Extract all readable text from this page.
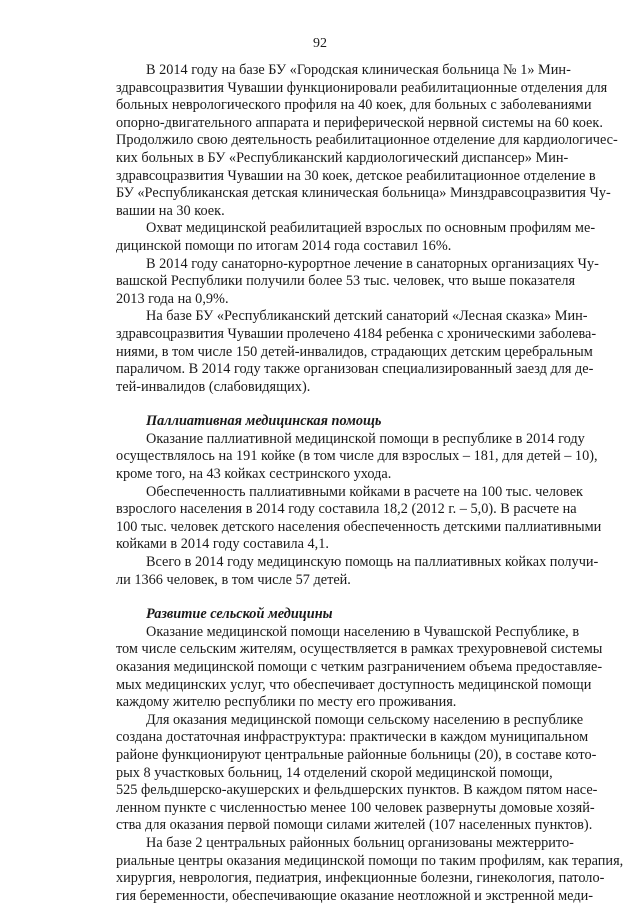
92
В 2014 году на базе БУ «Городская клиническая больница № 1» Мин-
здравсоцразвития Чувашии функционировали реабилитационные отделения для
больных неврологического профиля на 40 коек, для больных с заболеваниями
опорно-двигательного аппарата и периферической нервной системы на 60 коек.
Продолжило свою деятельность реабилитационное отделение для кардиологичес-
ких больных в БУ «Республиканский кардиологический диспансер» Мин-
здравсоцразвития Чувашии на 30 коек, детское реабилитационное отделение в
БУ «Республиканская детская клиническая больница» Минздравсоцразвития Чу-
вашии на 30 коек.
Охват медицинской реабилитацией взрослых по основным профилям ме-
дицинской помощи по итогам 2014 года составил 16%.
В 2014 году санаторно-курортное лечение в санаторных организациях Чу-
вашской Республики получили более 53 тыс. человек, что выше показателя
2013 года на 0,9%.
На базе БУ «Республиканский детский санаторий «Лесная сказка» Мин-
здравсоцразвития Чувашии пролечено 4184 ребенка с хроническими заболева-
ниями, в том числе 150 детей-инвалидов, страдающих детским церебральным
параличом. В 2014 году также организован специализированный заезд для де-
тей-инвалидов (слабовидящих).
Паллиативная медицинская помощь
Оказание паллиативной медицинской помощи в республике в 2014 году
осуществлялось на 191 койке (в том числе для взрослых – 181, для детей – 10),
кроме того, на 43 койках сестринского ухода.
Обеспеченность паллиативными койками в расчете на 100 тыс. человек
взрослого населения в 2014 году составила 18,2 (2012 г. – 5,0). В расчете на
100 тыс. человек детского населения обеспеченность детскими паллиативными
койками в 2014 году составила 4,1.
Всего в 2014 году медицинскую помощь на паллиативных койках получи-
ли 1366 человек, в том числе 57 детей.
Развитие сельской медицины
Оказание медицинской помощи населению в Чувашской Республике, в
том числе сельским жителям, осуществляется в рамках трехуровневой системы
оказания медицинской помощи с четким разграничением объема предоставляе-
мых медицинских услуг, что обеспечивает доступность медицинской помощи
каждому жителю республики по месту его проживания.
Для оказания медицинской помощи сельскому населению в республике
создана достаточная инфраструктура: практически в каждом муниципальном
районе функционируют центральные районные больницы (20), в составе кото-
рых 8 участковых больниц, 14 отделений скорой медицинской помощи,
525 фельдшерско-акушерских и фельдшерских пунктов. В каждом пятом насе-
ленном пункте с численностью менее 100 человек развернуты домовые хозяй-
ства для оказания первой помощи силами жителей (107 населенных пунктов).
На базе 2 центральных районных больниц организованы межтеррито-
риальные центры оказания медицинской помощи по таким профилям, как терапия,
хирургия, неврология, педиатрия, инфекционные болезни, гинекология, патоло-
гия беременности, обеспечивающие оказание неотложной и экстренной меди-
